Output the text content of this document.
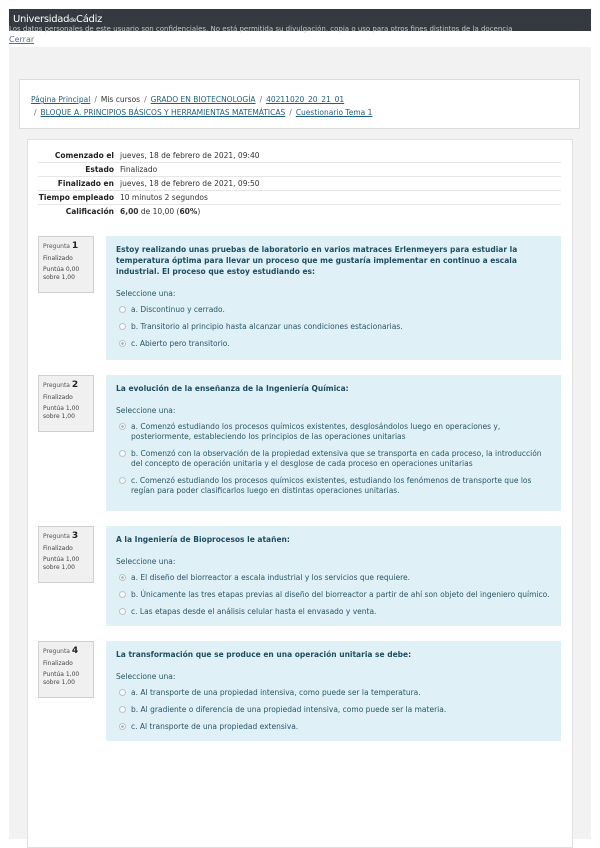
UniversidaddeCádiz
Los datos personales de este usuario son confidenciales. No está permitida su divulgación, copia o uso para otros fines distintos de la docencia
Cerrar
Página Principal / Mis cursos / GRADO EN BIOTECNOLOGÍA / 40211020_20_21_01
/ BLOQUE A. PRINCIPIOS BÁSICOS Y HERRAMIENTAS MATEMÁTICAS / Cuestionario Tema 1
Comenzado el	jueves, 18 de febrero de 2021, 09:40
Estado	Finalizado
Finalizado en	jueves, 18 de febrero de 2021, 09:50
Tiempo empleado	10 minutos 2 segundos
Calificación	6,00 de 10,00 (60%)
Pregunta 1
Finalizado
Puntúa 0,00 sobre 1,00
Estoy realizando unas pruebas de laboratorio en varios matraces Erlenmeyers para estudiar la temperatura óptima para llevar un proceso que me gustaría implementar en continuo a escala industrial. El proceso que estoy estudiando es:
Seleccione una:
a. Discontinuo y cerrado.
b. Transitorio al principio hasta alcanzar unas condiciones estacionarias.
c. Abierto pero transitorio.
Pregunta 2
Finalizado
Puntúa 1,00 sobre 1,00
La evolución de la enseñanza de la Ingeniería Química:
Seleccione una:
a. Comenzó estudiando los procesos químicos existentes, desglosándolos luego en operaciones y, posteriormente, estableciendo los principios de las operaciones unitarias
b. Comenzó con la observación de la propiedad extensiva que se transporta en cada proceso, la introducción del concepto de operación unitaria y el desglose de cada proceso en operaciones unitarias
c. Comenzó estudiando los procesos químicos existentes, estudiando los fenómenos de transporte que los regían para poder clasificarlos luego en distintas operaciones unitarias.
Pregunta 3
Finalizado
Puntúa 1,00 sobre 1,00
A la Ingeniería de Bioprocesos le atañen:
Seleccione una:
a. El diseño del biorreactor a escala industrial y los servicios que requiere.
b. Únicamente las tres etapas previas al diseño del biorreactor a partir de ahí son objeto del ingeniero químico.
c. Las etapas desde el análisis celular hasta el envasado y venta.
Pregunta 4
Finalizado
Puntúa 1,00 sobre 1,00
La transformación que se produce en una operación unitaria se debe:
Seleccione una:
a. Al transporte de una propiedad intensiva, como puede ser la temperatura.
b. Al gradiente o diferencia de una propiedad intensiva, como puede ser la materia.
c. Al transporte de una propiedad extensiva.
